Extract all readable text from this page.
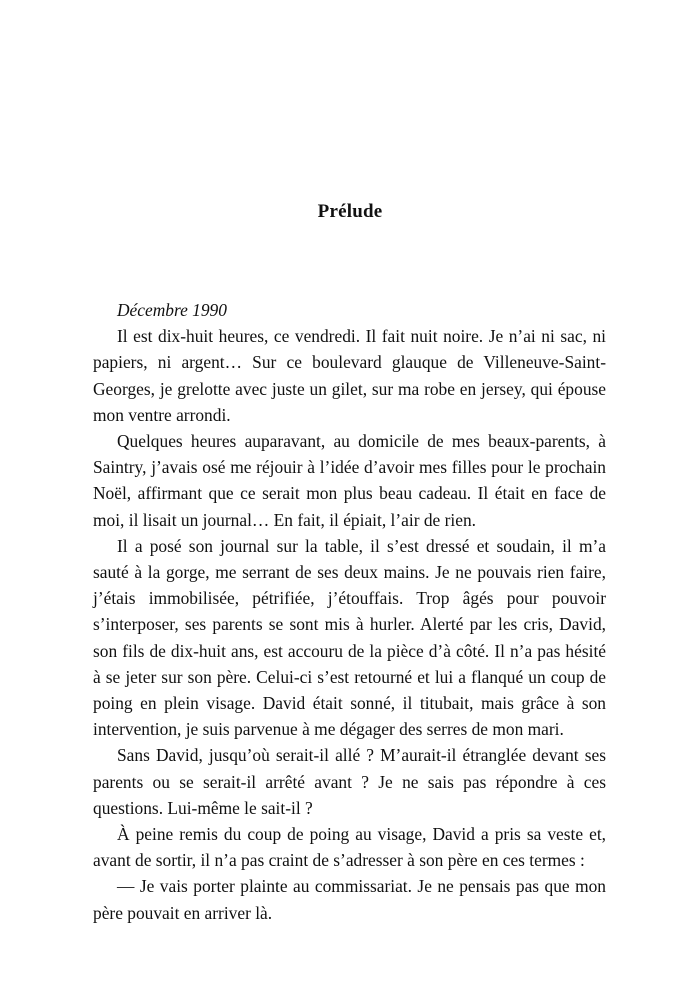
Prélude
Décembre 1990

Il est dix-huit heures, ce vendredi. Il fait nuit noire. Je n’ai ni sac, ni papiers, ni argent… Sur ce boulevard glauque de Villeneuve-Saint-Georges, je grelotte avec juste un gilet, sur ma robe en jersey, qui épouse mon ventre arrondi.

Quelques heures auparavant, au domicile de mes beaux-parents, à Saintry, j’avais osé me réjouir à l’idée d’avoir mes filles pour le prochain Noël, affirmant que ce serait mon plus beau cadeau. Il était en face de moi, il lisait un journal… En fait, il épiait, l’air de rien.

Il a posé son journal sur la table, il s’est dressé et soudain, il m’a sauté à la gorge, me serrant de ses deux mains. Je ne pouvais rien faire, j’étais immobilisée, pétrifiée, j’étouffais. Trop âgés pour pouvoir s’interposer, ses parents se sont mis à hurler. Alerté par les cris, David, son fils de dix-huit ans, est accouru de la pièce d’à côté. Il n’a pas hésité à se jeter sur son père. Celui-ci s’est retourné et lui a flanqué un coup de poing en plein visage. David était sonné, il titubait, mais grâce à son intervention, je suis parvenue à me dégager des serres de mon mari.

Sans David, jusqu’où serait-il allé ? M’aurait-il étranglée devant ses parents ou se serait-il arrêté avant ? Je ne sais pas répondre à ces questions. Lui-même le sait-il ?

À peine remis du coup de poing au visage, David a pris sa veste et, avant de sortir, il n’a pas craint de s’adresser à son père en ces termes :

— Je vais porter plainte au commissariat. Je ne pensais pas que mon père pouvait en arriver là.
